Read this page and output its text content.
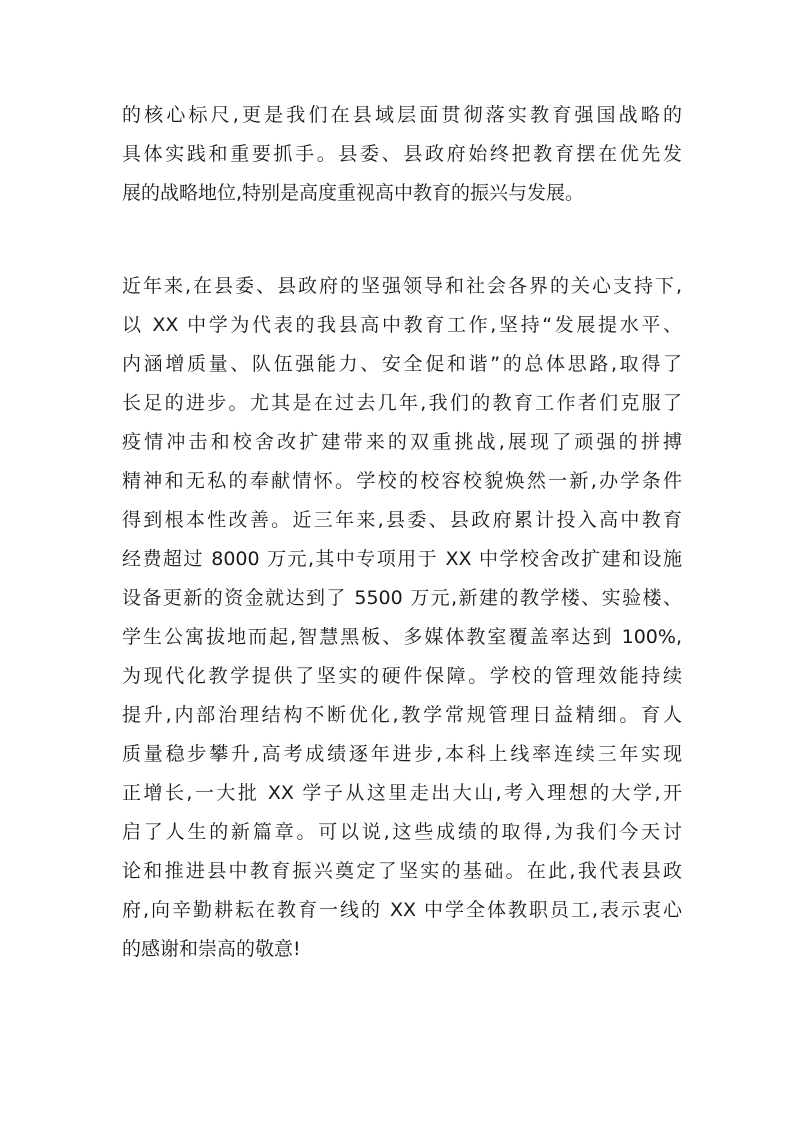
的核心标尺,更是我们在县域层面贯彻落实教育强国战略的
具体实践和重要抓手。县委、县政府始终把教育摆在优先发
展的战略地位,特别是高度重视高中教育的振兴与发展。
近年来,在县委、县政府的坚强领导和社会各界的关心支持下,
以 XX 中学为代表的我县高中教育工作,坚持“发展提水平、
内涵增质量、队伍强能力、安全促和谐”的总体思路,取得了
长足的进步。尤其是在过去几年,我们的教育工作者们克服了
疫情冲击和校舍改扩建带来的双重挑战,展现了顽强的拼搏
精神和无私的奉献情怀。学校的校容校貌焕然一新,办学条件
得到根本性改善。近三年来,县委、县政府累计投入高中教育
经费超过 8000 万元,其中专项用于 XX 中学校舍改扩建和设施
设备更新的资金就达到了 5500 万元,新建的教学楼、实验楼、
学生公寓拔地而起,智慧黑板、多媒体教室覆盖率达到 100%,
为现代化教学提供了坚实的硬件保障。学校的管理效能持续
提升,内部治理结构不断优化,教学常规管理日益精细。育人
质量稳步攀升,高考成绩逐年进步,本科上线率连续三年实现
正增长,一大批 XX 学子从这里走出大山,考入理想的大学,开
启了人生的新篇章。可以说,这些成绩的取得,为我们今天讨
论和推进县中教育振兴奠定了坚实的基础。在此,我代表县政
府,向辛勤耕耘在教育一线的 XX 中学全体教职员工,表示衷心
的感谢和崇高的敬意!
